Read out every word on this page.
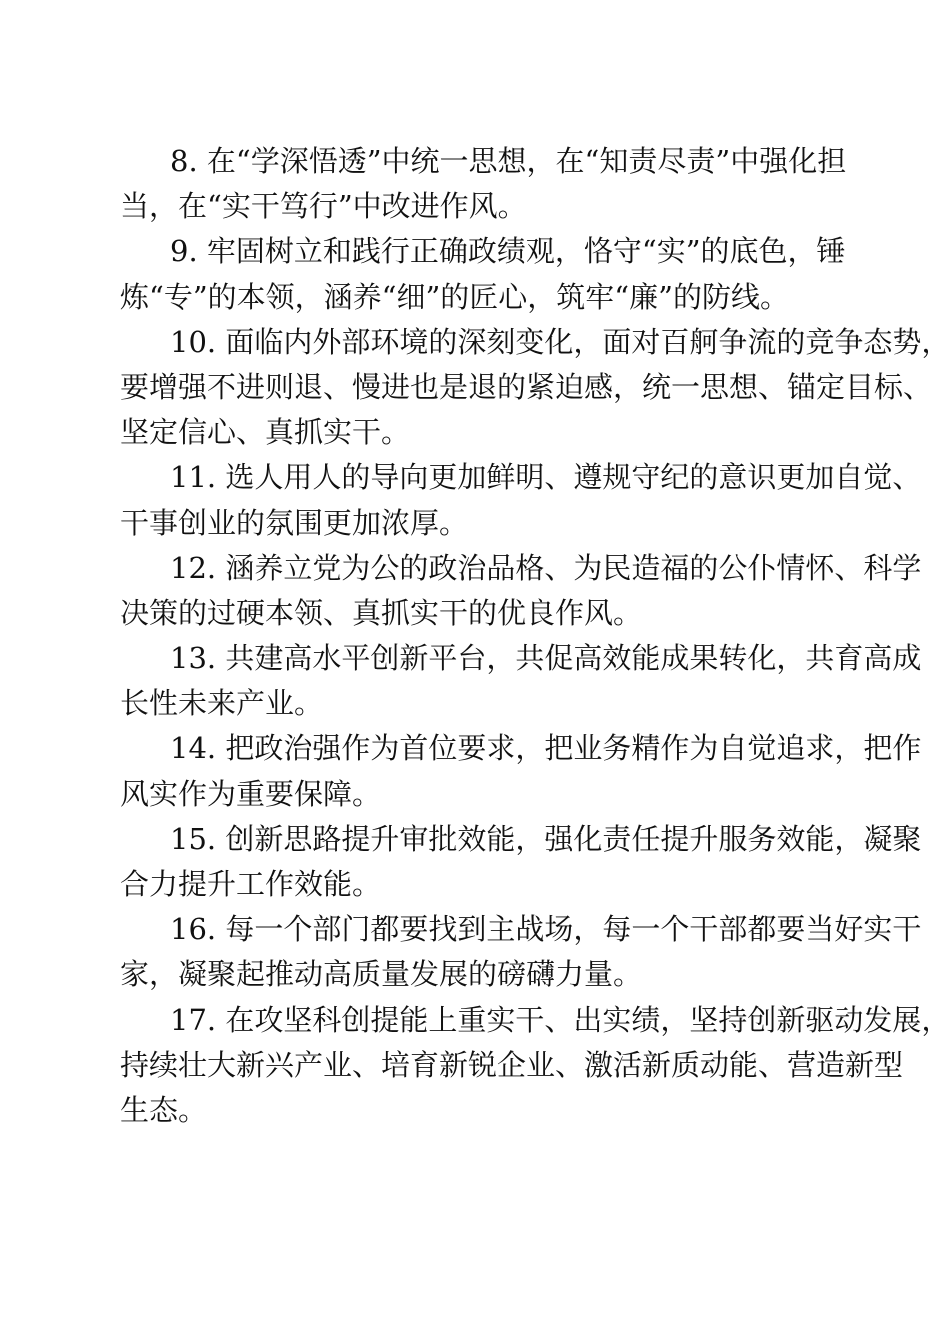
8. 在“学深悟透”中统一思想，在“知责尽责”中强化担
当，在“实干笃行”中改进作风。
9. 牢固树立和践行正确政绩观，恪守“实”的底色，锤
炼“专”的本领，涵养“细”的匠心，筑牢“廉”的防线。
10. 面临内外部环境的深刻变化，面对百舸争流的竞争态势，
要增强不进则退、慢进也是退的紧迫感，统一思想、锚定目标、
坚定信心、真抓实干。
11. 选人用人的导向更加鲜明、遵规守纪的意识更加自觉、
干事创业的氛围更加浓厚。
12. 涵养立党为公的政治品格、为民造福的公仆情怀、科学
决策的过硬本领、真抓实干的优良作风。
13. 共建高水平创新平台，共促高效能成果转化，共育高成
长性未来产业。
14. 把政治强作为首位要求，把业务精作为自觉追求，把作
风实作为重要保障。
15. 创新思路提升审批效能，强化责任提升服务效能，凝聚
合力提升工作效能。
16. 每一个部门都要找到主战场，每一个干部都要当好实干
家，凝聚起推动高质量发展的磅礴力量。
17. 在攻坚科创提能上重实干、出实绩，坚持创新驱动发展，
持续壮大新兴产业、培育新锐企业、激活新质动能、营造新型
生态。
